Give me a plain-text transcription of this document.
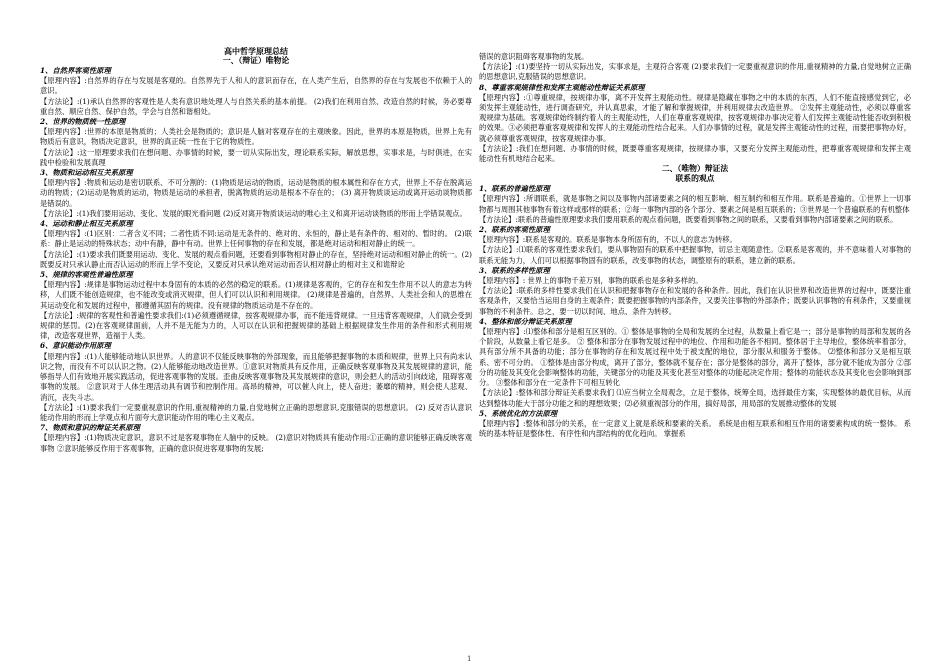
高中哲学原理总结
一、（辩证）唯物论
1、自然界客观性原理
【原理内容】:自然界的存在与发展是客观的。自然界先于人和人的意识而存在，在人类产生后，自然界的存在与发展也不依赖于人的意识。
【方法论】:(1)承认自然界的客观性是人类有意识地处理人与自然关系的基本前提。 (2)我们在利用自然、改造自然的时候，务必要尊重自然、顺应自然、保护自然，学会与自然和谐相处。
2、世界的物质统一性原理
【原理内容】:世界的本原是物质的；人类社会是物质的；意识是人脑对客观存在的主观映象。因此，世界的本原是物质，世界上先有物质后有意识，物质决定意识，世界的真正统一性在于它的物质性。
【方法论】:这一原理要求我们在想问题、办事情的时候，要一切从实际出发，理论联系实际，解放思想，实事求是，与时俱进，在实践中检验和发展真理
3、物质和运动相互关系原理
【原理内容】:物质和运动是密切联系、不可分割的：(1)物质是运动的物质，运动是物质的根本属性和存在方式，世界上不存在脱离运动的物质；(2)运动是物质的运动，物质是运动的承担者，脱离物质的运动是根本不存在的； (3) 离开物质谈运动或离开运动谈物质都是错误的。
【方法论】:(1)我们要用运动、变化、发展的眼光看问题 (2)反对离开物质谈运动的唯心主义和离开运动谈物质的形而上学错误观点。
4、运动和静止相互关系原理
【原理内容】:(1)区别：二者含义不同；二者性质不同:运动是无条件的、绝对的、永恒的，静止是有条件的、相对的、暂时的。 (2)联系：静止是运动的特殊状态；动中有静，静中有动。世界上任何事物的存在和发展，都是绝对运动和相对静止的统一。
【方法论】:(1)要求我们既要用运动、变化、发展的观点看问题，还要看到事物相对静止的存在，坚持绝对运动和相对静止的统一。(2)既要反对只承认静止而否认运动的形而上学不变论，又要反对只承认绝对运动而否认相对静止的相对主义和诡辩论
5、规律的客观性普遍性原理
【原理内容】:规律是事物运动过程中本身固有的本质的必然的稳定的联系。(1)规律是客观的，它的存在和发生作用不以人的意志为转移，人们既不能创造规律，也不能改变或消灭规律，但人们可以认识和利用规律。 (2)规律是普遍的，自然界、人类社会和人的思维在其运动变化和发展的过程中，都遵循其固有的规律。没有规律的物质运动是不存在的。
【方法论】:规律的客观性和普遍性要求我们:(1)必须遵循规律，按客观规律办事，而不能违背规律。一旦违背客观规律，人们就会受到规律的惩罚。(2)在客观规律面前，人并不是无能为力的，人可以在认识和把握规律的基础上根据规律发生作用的条件和形式利用规律，改造客观世界，造福于人类。
6、意识能动作用原理
【原理内容】:(1)人能够能动地认识世界。人的意识不仅能反映事物的外部现象，而且能够把握事物的本质和规律，世界上只有尚未认识之物，而没有不可以认识之物。(2)人能够能动地改造世界。①意识对物质具有反作用，正确反映客观事物及其发展规律的意识，能够指导人们有效地开展实践活动，促进客观事物的发展。歪曲反映客观事物及其发展规律的意识，则会把人的活动引向歧途，阻碍客观事物的发展。 ②意识对于人体生理活动具有调节和控制作用。高昂的精神，可以催人向上，使人奋进；萎靡的精神，则会使人悲观、消沉，丧失斗志。
【方法论】:(1)要求我们一定要重视意识的作用,重视精神的力量,自觉地树立正确的思想意识,克服错误的思想意识。 (2) 反对否认意识能动作用的形而上学观点和片面夸大意识能动作用的唯心主义观点。
7、物质和意识的辩证关系原理
【原理内容】:(1)物质决定意识，意识不过是客观事物在人脑中的反映。 (2)意识对物质具有能动作用:①正确的意识能够正确反映客观事物 ②意识能够反作用于客观事物，正确的意识促进客观事物的发展;
错误的意识阻碍客观事物的发展。
【方法论】:(1)要坚持一切从实际出发，实事求是，主观符合客观 (2)要求我们一定要重视意识的作用,重视精神的力量,自觉地树立正确的思想意识,克服错误的思想意识。
8、尊重客观规律性和发挥主观能动性辩证关系原理
【原理内容】:①尊重规律，按规律办事，离不开发挥主观能动性。规律是隐藏在事物之中的本质的东西，人们不能直接感觉到它，必须发挥主观能动性，进行调查研究，并认真思索，才能了解和掌握规律，并利用规律去改造世界。 ②发挥主观能动性，必须以尊重客观规律为基础。客观规律始终制约着人的主观能动性，人们在尊重客观规律，按客观规律办事决定着人们发挥主观能动性能否收到积极的效果。③必须把尊重客观规律和发挥人的主观能动性结合起来。人们办事情的过程，就是发挥主观能动性的过程，而要把事物办好，就必须尊重客观规律，按客观规律办事。
【方法论】:我们在想问题、办事情的时候，既要尊重客观规律，按规律办事，又要充分发挥主观能动性，把尊重客观规律和发挥主观能动性有机地结合起来。
二、（唯物）辩证法
联系的观点
1、联系的普遍性原理
【原理内容】:所谓联系，就是事物之间以及事物内部诸要素之间的相互影响、相互制约和相互作用。联系是普遍的。①世界上一切事物都与周围其他事物有着这样或那样的联系；②每一事物内部的各个部分、要素之间是相互联系的；③世界是一个普遍联系的有机整体
【方法论】:联系的普遍性原理要求我们要用联系的观点看问题，既要看到事物之间的联系，又要看到事物内部诸要素之间的联系。
2、联系的客观性原理
【原理内容】:联系是客观的。联系是事物本身所固有的，不以人的意志为转移。
【方法论】:⑴联系的客观性要求我们，要从事物固有的联系中把握事物，切忌主观随意性。②联系是客观的，并不意味着人对事物的联系无能为力，人们可以根据事物固有的联系，改变事物的状态，调整原有的联系，建立新的联系。
3、联系的多样性原理
【原理内容】: 世界上的事物千差万别，事物的联系也是多种多样的。
【方法论】:联系的多样性要求我们在认识和把握事物存在和发展的各种条件。因此，我们在认识世界和改造世界的过程中，既要注重客观条件，又要恰当运用自身的主观条件；既要把握事物的内部条件，又要关注事物的外部条件；既要认识事物的有利条件，又要重视事物的不利条件。总之，要一切以时间、地点、条件为转移。
4、整体和部分辩证关系原理
【原理内容】:⑴整体和部分是相互区别的。① 整体是事物的全局和发展的全过程，从数量上看它是一；部分是事物的局部和发展的各个阶段，从数量上看它是多。 ② 整体和部分在事物发展过程中的地位、作用和功能各不相同。整体居于主导地位，整体统率着部分，具有部分所不具备的功能；部分在事物的存在和发展过程中处于被支配的地位，部分服从和服务于整体。 ⑵整体和部分又是相互联系、密不可分的。 ①整体是由部分构成，离开了部分，整体就不复存在；部分是整体的部分，离开了整体，部分就不能成为部分 ②部分的功能及其变化会影响整体的功能，关键部分的功能及其变化甚至对整体的功能起决定作用；整体的功能状态及其变化也会影响到部分。 ③整体和部分在一定条件下可相互转化
【方法论】:整体和部分辩证关系要求我们 ⑴应当树立全局观念，立足于整体，统筹全局，选择最佳方案，实现整体的最优目标，从而达到整体功能大于部分功能之和的理想效果；⑵必须重视部分的作用，搞好局部，用局部的发展推动整体的发展
5、系统优化的方法原理
【原理内容】:整体和部分的关系，在一定意义上就是系统和要素的关系。 系统是由相互联系和相互作用的诸要素构成的统一整体。 系统的基本特征是整体性、有序性和内部结构的优化趋向。 掌握系
1
